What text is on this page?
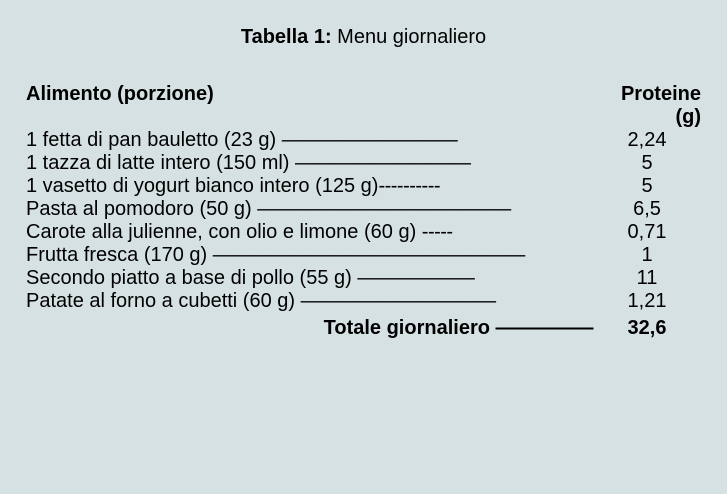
Tabella 1: Menu giornaliero
Alimento (porzione)	Proteine (g)
1 fetta di pan bauletto (23 g) —————————	2,24
1 tazza di latte intero (150 ml) —————————	5
1 vasetto di yogurt bianco intero (125 g)----------	5
Pasta al pomodoro (50 g) —————————————	6,5
Carote alla julienne, con olio e limone (60 g) -----	0,71
Frutta fresca (170 g) ————————————————	1
Secondo piatto a base di pollo (55 g) ——————	11
Patate al forno a cubetti (60 g) ——————————	1,21
Totale giornaliero —————	32,6
